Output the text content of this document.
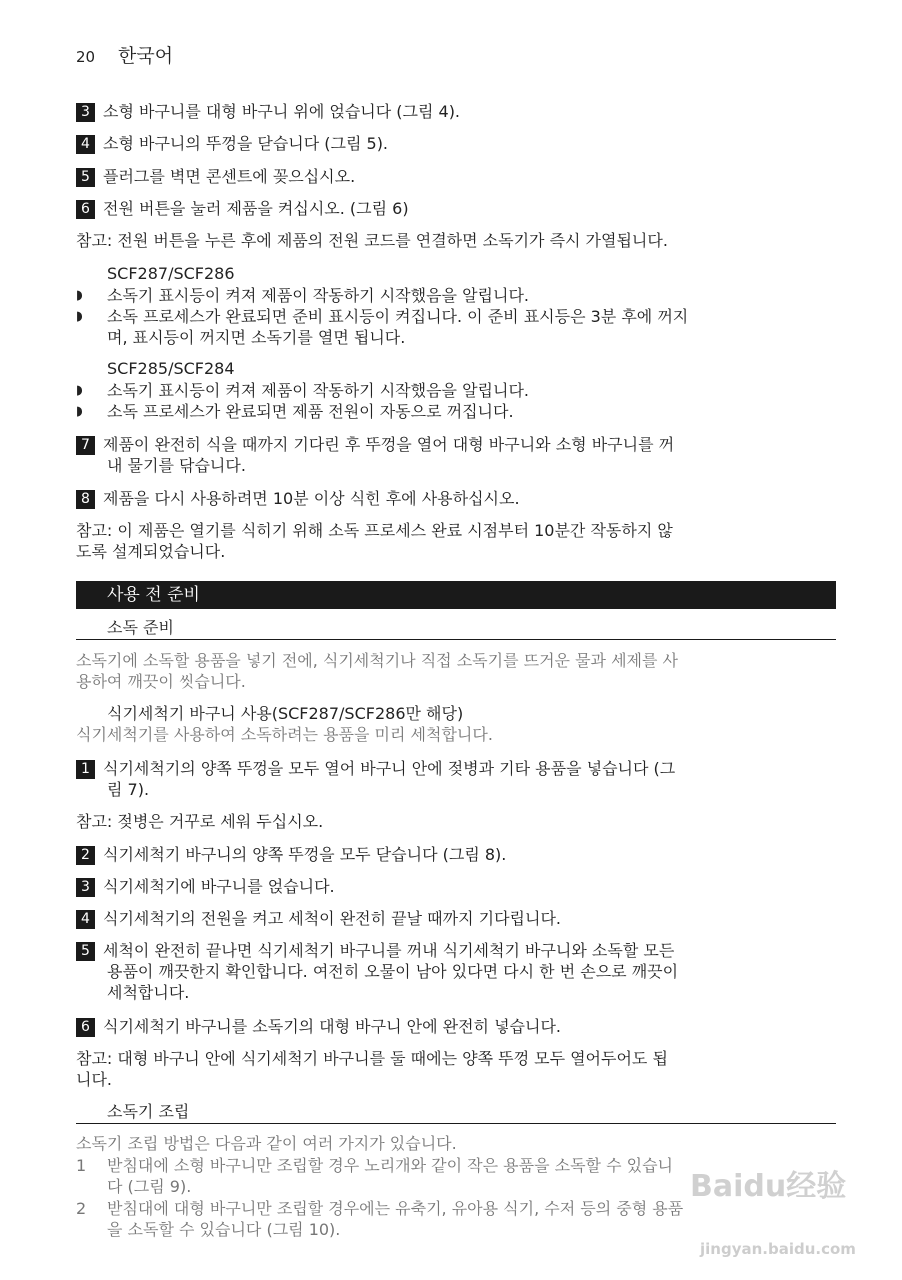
20 한국어
3 소형 바구니를 대형 바구니 위에 얹습니다 (그림 4).
4 소형 바구니의 뚜껑을 닫습니다 (그림 5).
5 플러그를 벽면 콘센트에 꽂으십시오.
6 전원 버튼을 눌러 제품을 켜십시오. (그림 6)
참고: 전원 버튼을 누른 후에 제품의 전원 코드를 연결하면 소독기가 즉시 가열됩니다.
SCF287/SCF286
◗	소독기 표시등이 켜져 제품이 작동하기 시작했음을 알립니다.
◗	소독 프로세스가 완료되면 준비 표시등이 켜집니다. 이 준비 표시등은 3분 후에 꺼지
며, 표시등이 꺼지면 소독기를 열면 됩니다.
SCF285/SCF284
◗	소독기 표시등이 켜져 제품이 작동하기 시작했음을 알립니다.
◗	소독 프로세스가 완료되면 제품 전원이 자동으로 꺼집니다.
7 제품이 완전히 식을 때까지 기다린 후 뚜껑을 열어 대형 바구니와 소형 바구니를 꺼
내 물기를 닦습니다.
8 제품을 다시 사용하려면 10분 이상 식힌 후에 사용하십시오.
참고: 이 제품은 열기를 식히기 위해 소독 프로세스 완료 시점부터 10분간 작동하지 않
도록 설계되었습니다.
사용 전 준비
소독 준비
소독기에 소독할 용품을 넣기 전에, 식기세척기나 직접 소독기를 뜨거운 물과 세제를 사
용하여 깨끗이 씻습니다.
식기세척기 바구니 사용(SCF287/SCF286만 해당)
식기세척기를 사용하여 소독하려는 용품을 미리 세척합니다.
1 식기세척기의 양쪽 뚜껑을 모두 열어 바구니 안에 젖병과 기타 용품을 넣습니다 (그
림 7).
참고: 젖병은 거꾸로 세워 두십시오.
2 식기세척기 바구니의 양쪽 뚜껑을 모두 닫습니다 (그림 8).
3 식기세척기에 바구니를 얹습니다.
4 식기세척기의 전원을 켜고 세척이 완전히 끝날 때까지 기다립니다.
5 세척이 완전히 끝나면 식기세척기 바구니를 꺼내 식기세척기 바구니와 소독할 모든
용품이 깨끗한지 확인합니다. 여전히 오물이 남아 있다면 다시 한 번 손으로 깨끗이
세척합니다.
6 식기세척기 바구니를 소독기의 대형 바구니 안에 완전히 넣습니다.
참고: 대형 바구니 안에 식기세척기 바구니를 둘 때에는 양쪽 뚜껑 모두 열어두어도 됩
니다.
소독기 조립
소독기 조립 방법은 다음과 같이 여러 가지가 있습니다.
1	받침대에 소형 바구니만 조립할 경우 노리개와 같이 작은 용품을 소독할 수 있습니
다 (그림 9).
2	받침대에 대형 바구니만 조립할 경우에는 유축기, 유아용 식기, 수저 등의 중형 용품
을 소독할 수 있습니다 (그림 10).
Baidu经验
jingyan.baidu.com
